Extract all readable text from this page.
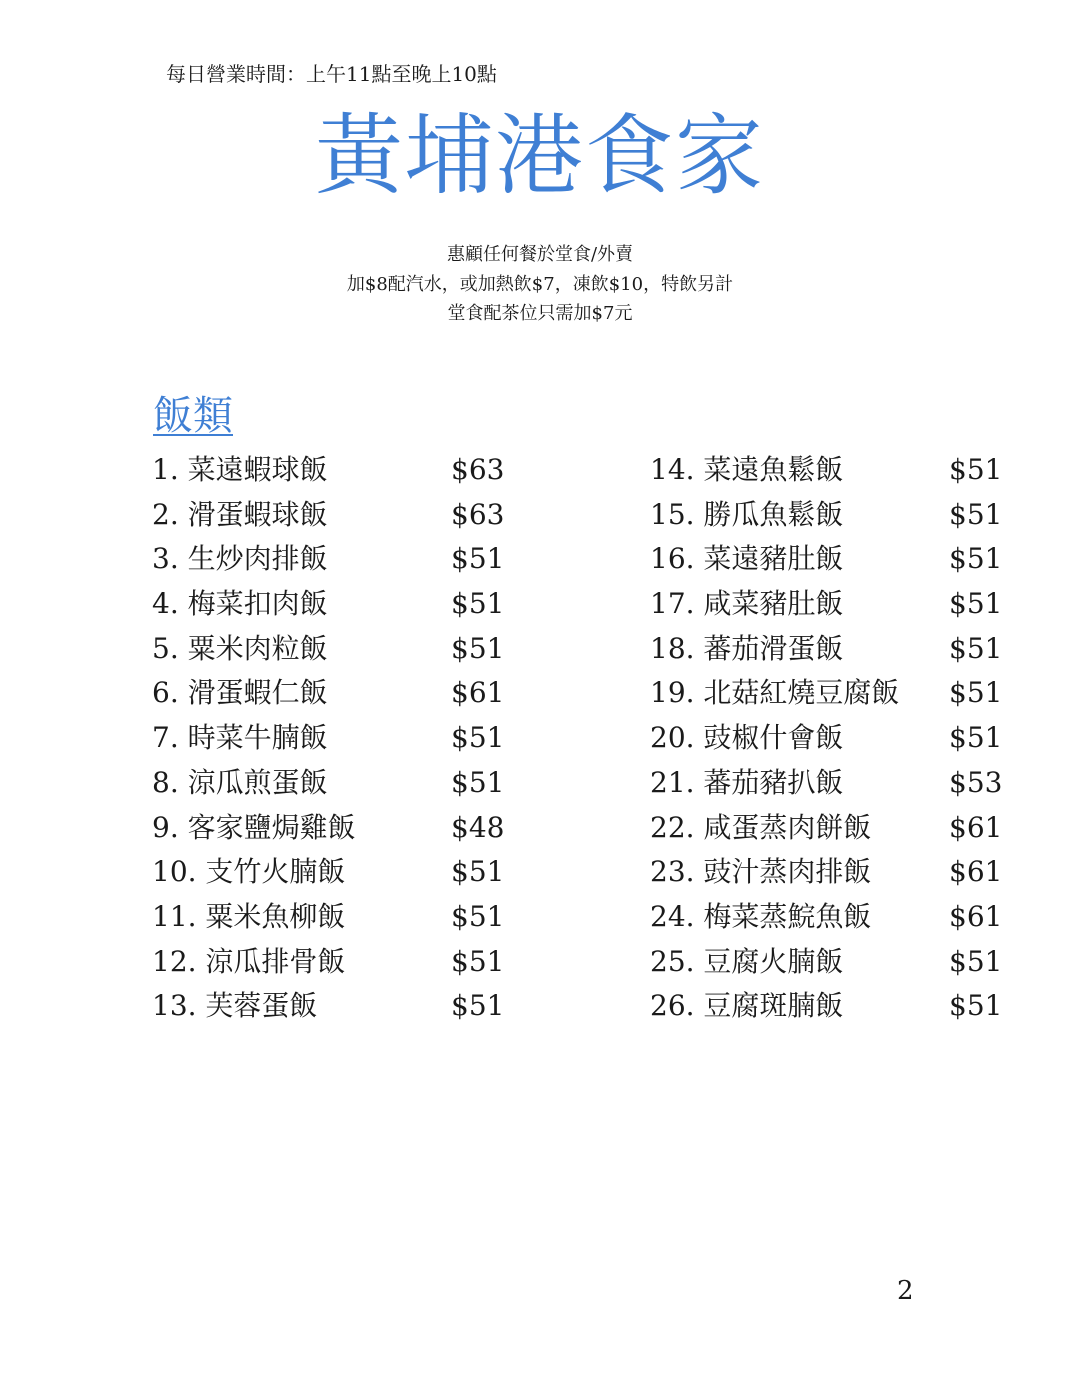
每日營業時間：上午11點至晚上10點
黃埔港食家
惠顧任何餐於堂食/外賣
加$8配汽水，或加熱飲$7，凍飲$10，特飲另計
堂食配茶位只需加$7元
飯類
1. 菜遠蝦球飯	$63
2. 滑蛋蝦球飯	$63
3. 生炒肉排飯	$51
4. 梅菜扣肉飯	$51
5. 粟米肉粒飯	$51
6. 滑蛋蝦仁飯	$61
7. 時菜牛腩飯	$51
8. 涼瓜煎蛋飯	$51
9. 客家鹽焗雞飯	$48
10. 支竹火腩飯	$51
11. 粟米魚柳飯	$51
12. 涼瓜排骨飯	$51
13. 芙蓉蛋飯	$51
14. 菜遠魚鬆飯	$51
15. 勝瓜魚鬆飯	$51
16. 菜遠豬肚飯	$51
17. 咸菜豬肚飯	$51
18. 蕃茄滑蛋飯	$51
19. 北菇紅燒豆腐飯 $51
20. 豉椒什會飯	$51
21. 蕃茄豬扒飯	$53
22. 咸蛋蒸肉餅飯	$61
23. 豉汁蒸肉排飯	$61
24. 梅菜蒸鯇魚飯	$61
25. 豆腐火腩飯	$51
26. 豆腐斑腩飯	$51
2
